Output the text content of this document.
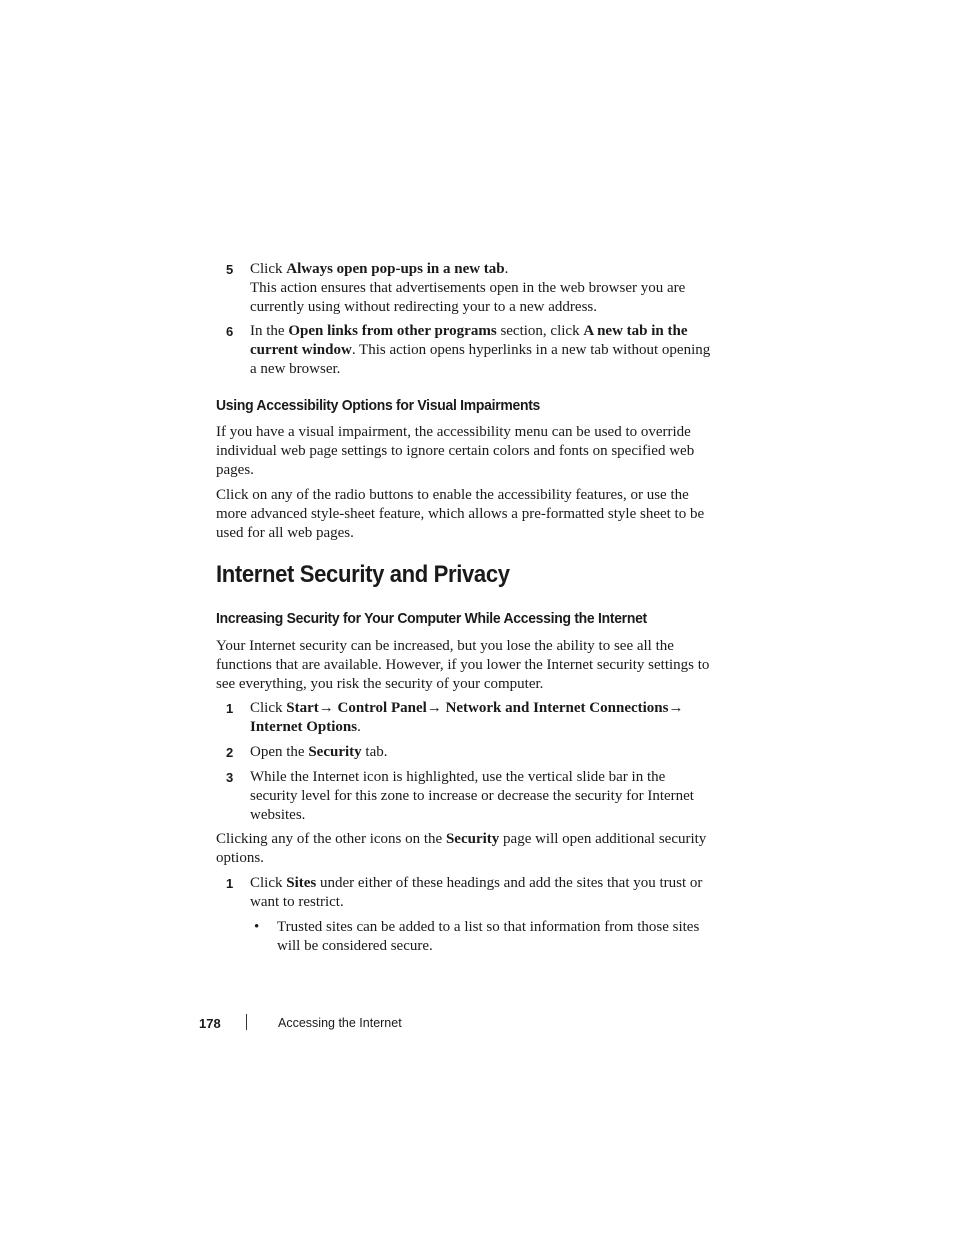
5 Click Always open pop-ups in a new tab.
This action ensures that advertisements open in the web browser you are currently using without redirecting your to a new address.
6 In the Open links from other programs section, click A new tab in the current window. This action opens hyperlinks in a new tab without opening a new browser.
Using Accessibility Options for Visual Impairments
If you have a visual impairment, the accessibility menu can be used to override individual web page settings to ignore certain colors and fonts on specified web pages.
Click on any of the radio buttons to enable the accessibility features, or use the more advanced style-sheet feature, which allows a pre-formatted style sheet to be used for all web pages.
Internet Security and Privacy
Increasing Security for Your Computer While Accessing the Internet
Your Internet security can be increased, but you lose the ability to see all the functions that are available. However, if you lower the Internet security settings to see everything, you risk the security of your computer.
1 Click Start→ Control Panel→ Network and Internet Connections→
Internet Options.
2 Open the Security tab.
3 While the Internet icon is highlighted, use the vertical slide bar in the security level for this zone to increase or decrease the security for Internet websites.
Clicking any of the other icons on the Security page will open additional security options.
1 Click Sites under either of these headings and add the sites that you trust or want to restrict.
• Trusted sites can be added to a list so that information from those sites will be considered secure.
178	Accessing the Internet
